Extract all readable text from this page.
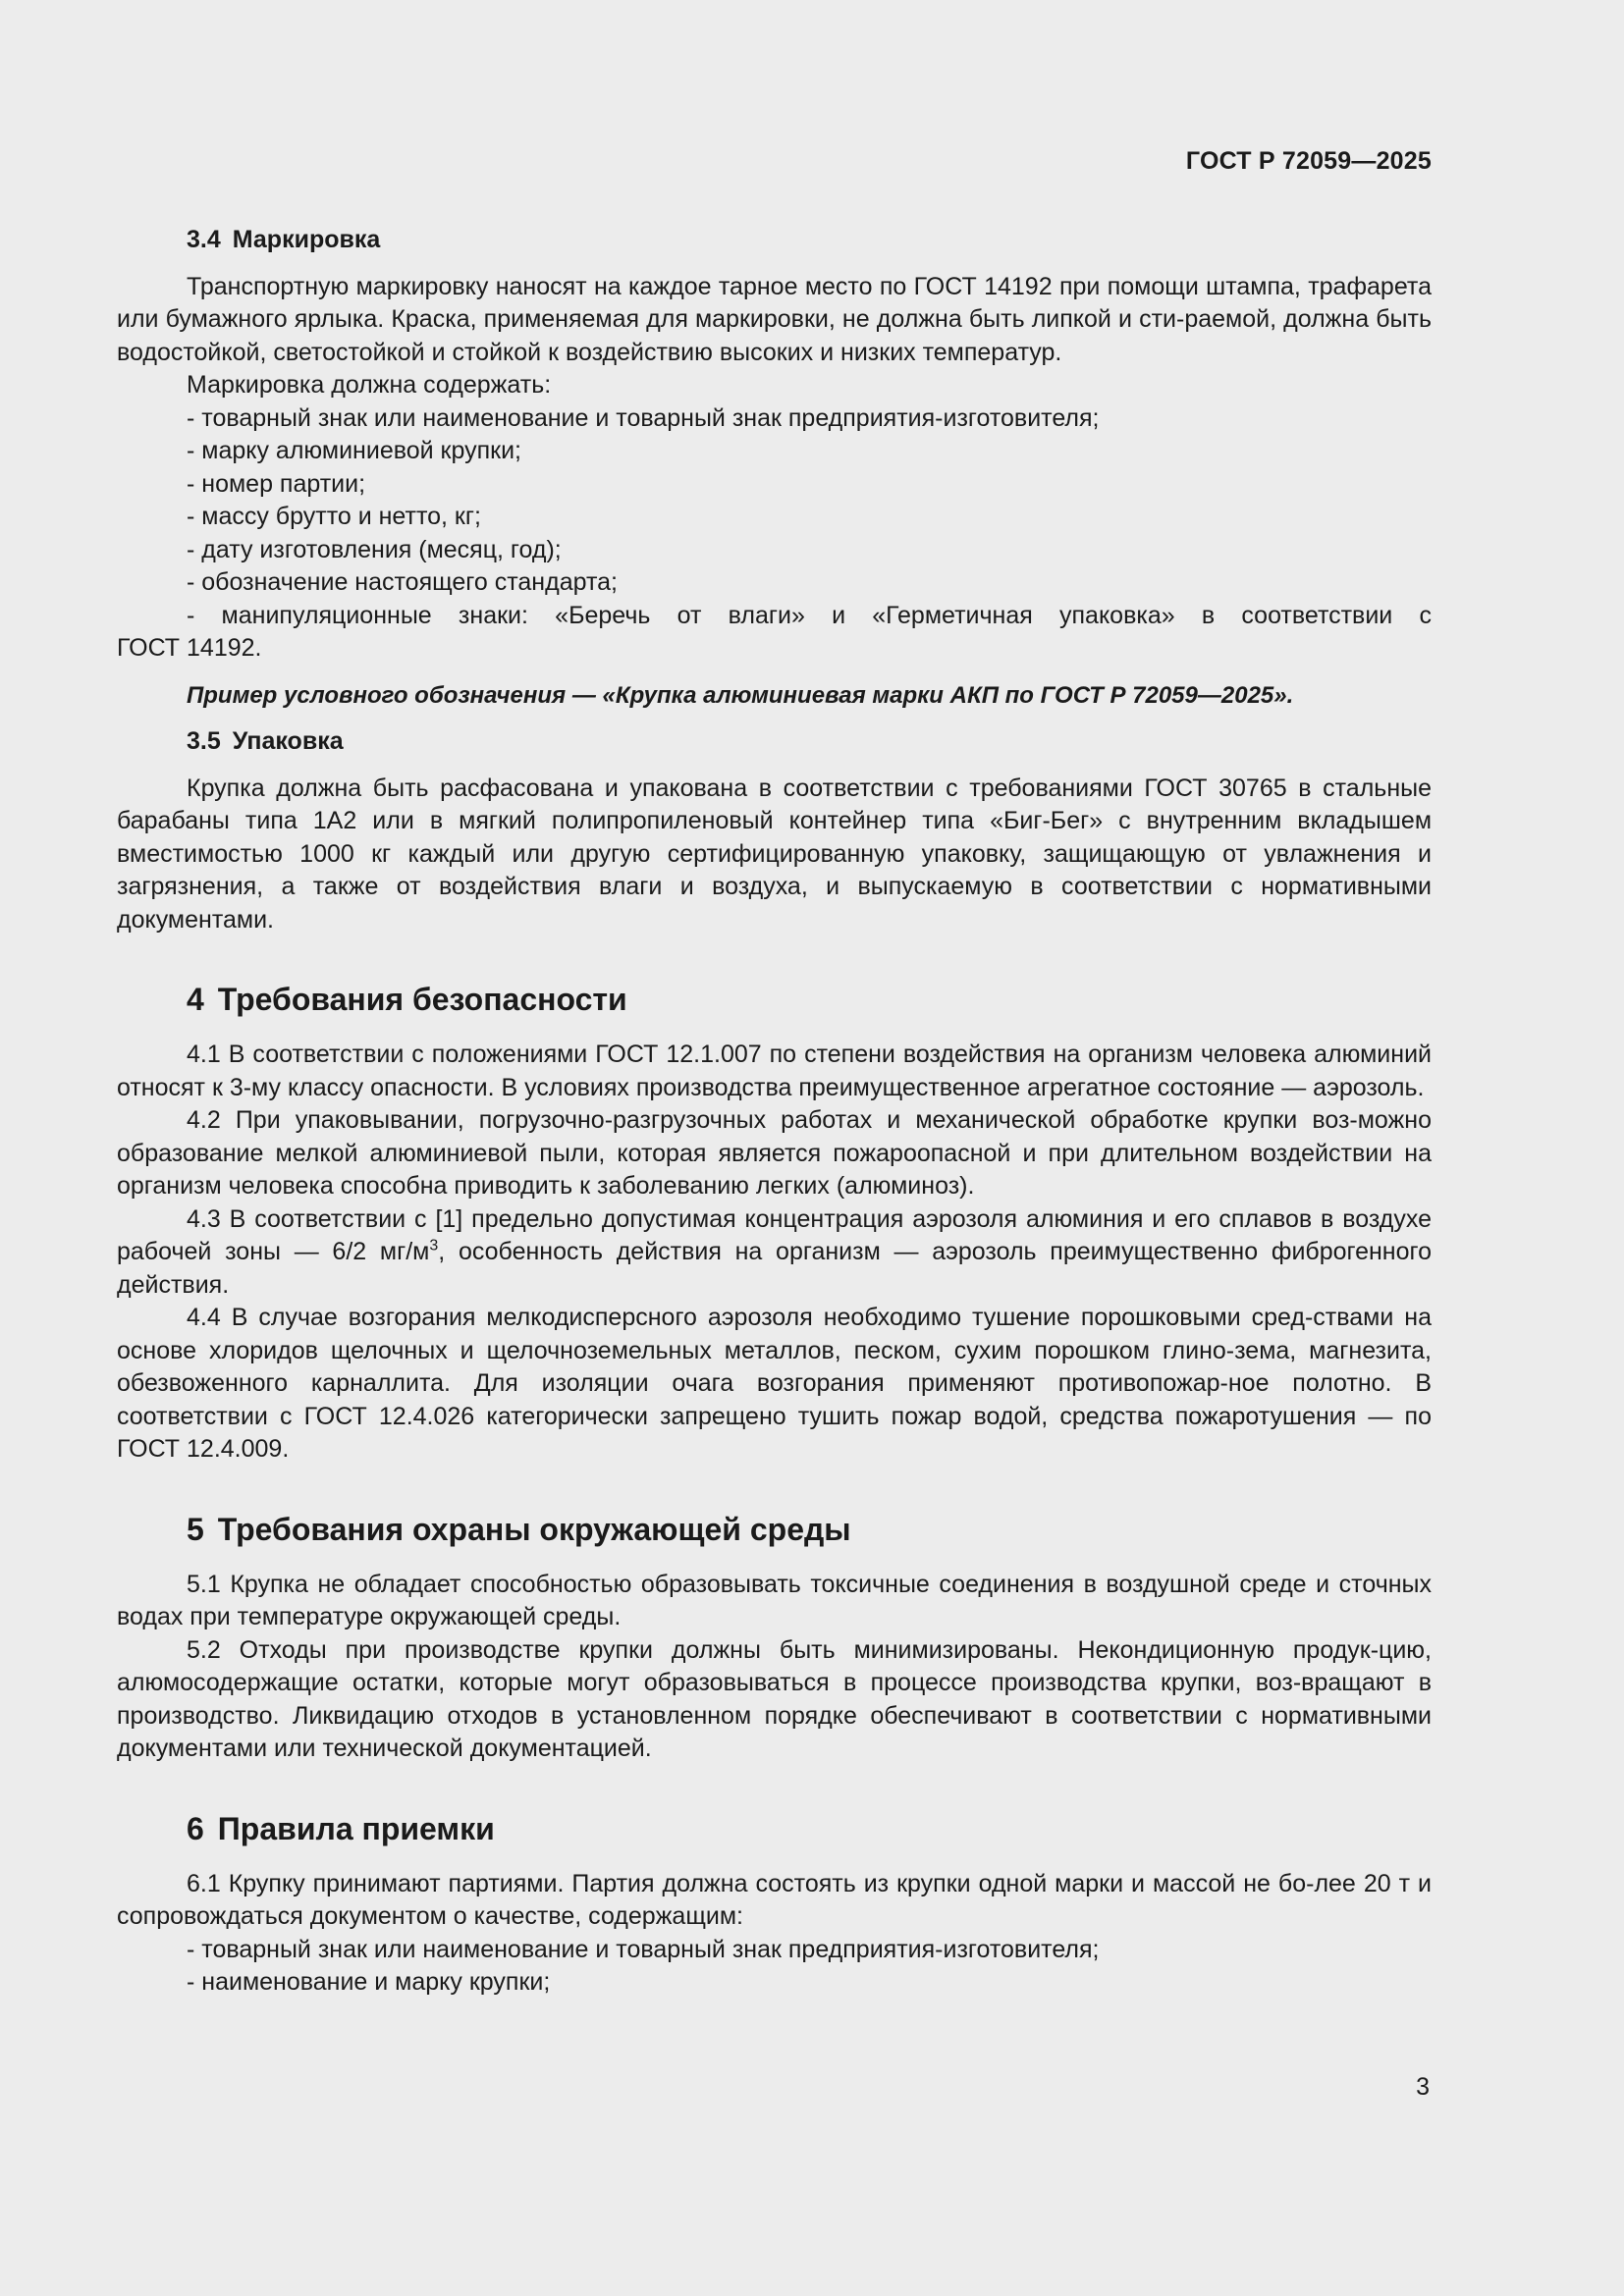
ГОСТ Р 72059—2025
3.4 Маркировка

Транспортную маркировку наносят на каждое тарное место по ГОСТ 14192 при помощи штампа, трафарета или бумажного ярлыка. Краска, применяемая для маркировки, не должна быть липкой и сти-раемой, должна быть водостойкой, светостойкой и стойкой к воздействию высоких и низких температур.

Маркировка должна содержать:

- товарный знак или наименование и товарный знак предприятия-изготовителя;
- марку алюминиевой крупки;
- номер партии;
- массу брутто и нетто, кг;
- дату изготовления (месяц, год);
- обозначение настоящего стандарта;
- манипуляционные знаки: «Беречь от влаги» и «Герметичная упаковка» в соответствии с
ГОСТ 14192.
Пример условного обозначения — «Крупка алюминиевая марки АКП по ГОСТ Р 72059—2025».
3.5 Упаковка

Крупка должна быть расфасована и упакована в соответствии с требованиями ГОСТ 30765 в стальные барабаны типа 1А2 или в мягкий полипропиленовый контейнер типа «Биг-Бег» с внутренним вкладышем вместимостью 1000 кг каждый или другую сертифицированную упаковку, защищающую от увлажнения и загрязнения, а также от воздействия влаги и воздуха, и выпускаемую в соответствии с нормативными документами.

4 Требования безопасности

4.1 В соответствии с положениями ГОСТ 12.1.007 по степени воздействия на организм человека алюминий относят к 3-му классу опасности. В условиях производства преимущественное агрегатное состояние — аэрозоль.

4.2 При упаковывании, погрузочно-разгрузочных работах и механической обработке крупки воз-можно образование мелкой алюминиевой пыли, которая является пожароопасной и при длительном воздействии на организм человека способна приводить к заболеванию легких (алюминоз).

4.3 В соответствии с [1] предельно допустимая концентрация аэрозоля алюминия и его сплавов в воздухе рабочей зоны — 6/2 $мг/м^3$, особенность действия на организм — аэрозоль преимущественно фиброгенного действия.

4.4 В случае возгорания мелкодисперсного аэрозоля необходимо тушение порошковыми сред-ствами на основе хлоридов щелочных и щелочноземельных металлов, песком, сухим порошком глино-зема, магнезита, обезвоженного карналлита. Для изоляции очага возгорания применяют противопожар-ное полотно. В соответствии с ГОСТ 12.4.026 категорически запрещено тушить пожар водой, средства пожаротушения — по ГОСТ 12.4.009.

5 Требования охраны окружающей среды

5.1 Крупка не обладает способностью образовывать токсичные соединения в воздушной среде и сточных водах при температуре окружающей среды.

5.2 Отходы при производстве крупки должны быть минимизированы. Некондиционную продук-цию, алюмосодержащие остатки, которые могут образовываться в процессе производства крупки, воз-вращают в производство. Ликвидацию отходов в установленном порядке обеспечивают в соответствии с нормативными документами или технической документацией.

6 Правила приемки

6.1 Крупку принимают партиями. Партия должна состоять из крупки одной марки и массой не бо-лее 20 т и сопровождаться документом о качестве, содержащим:

- товарный знак или наименование и товарный знак предприятия-изготовителя;
- наименование и марку крупки;
3
